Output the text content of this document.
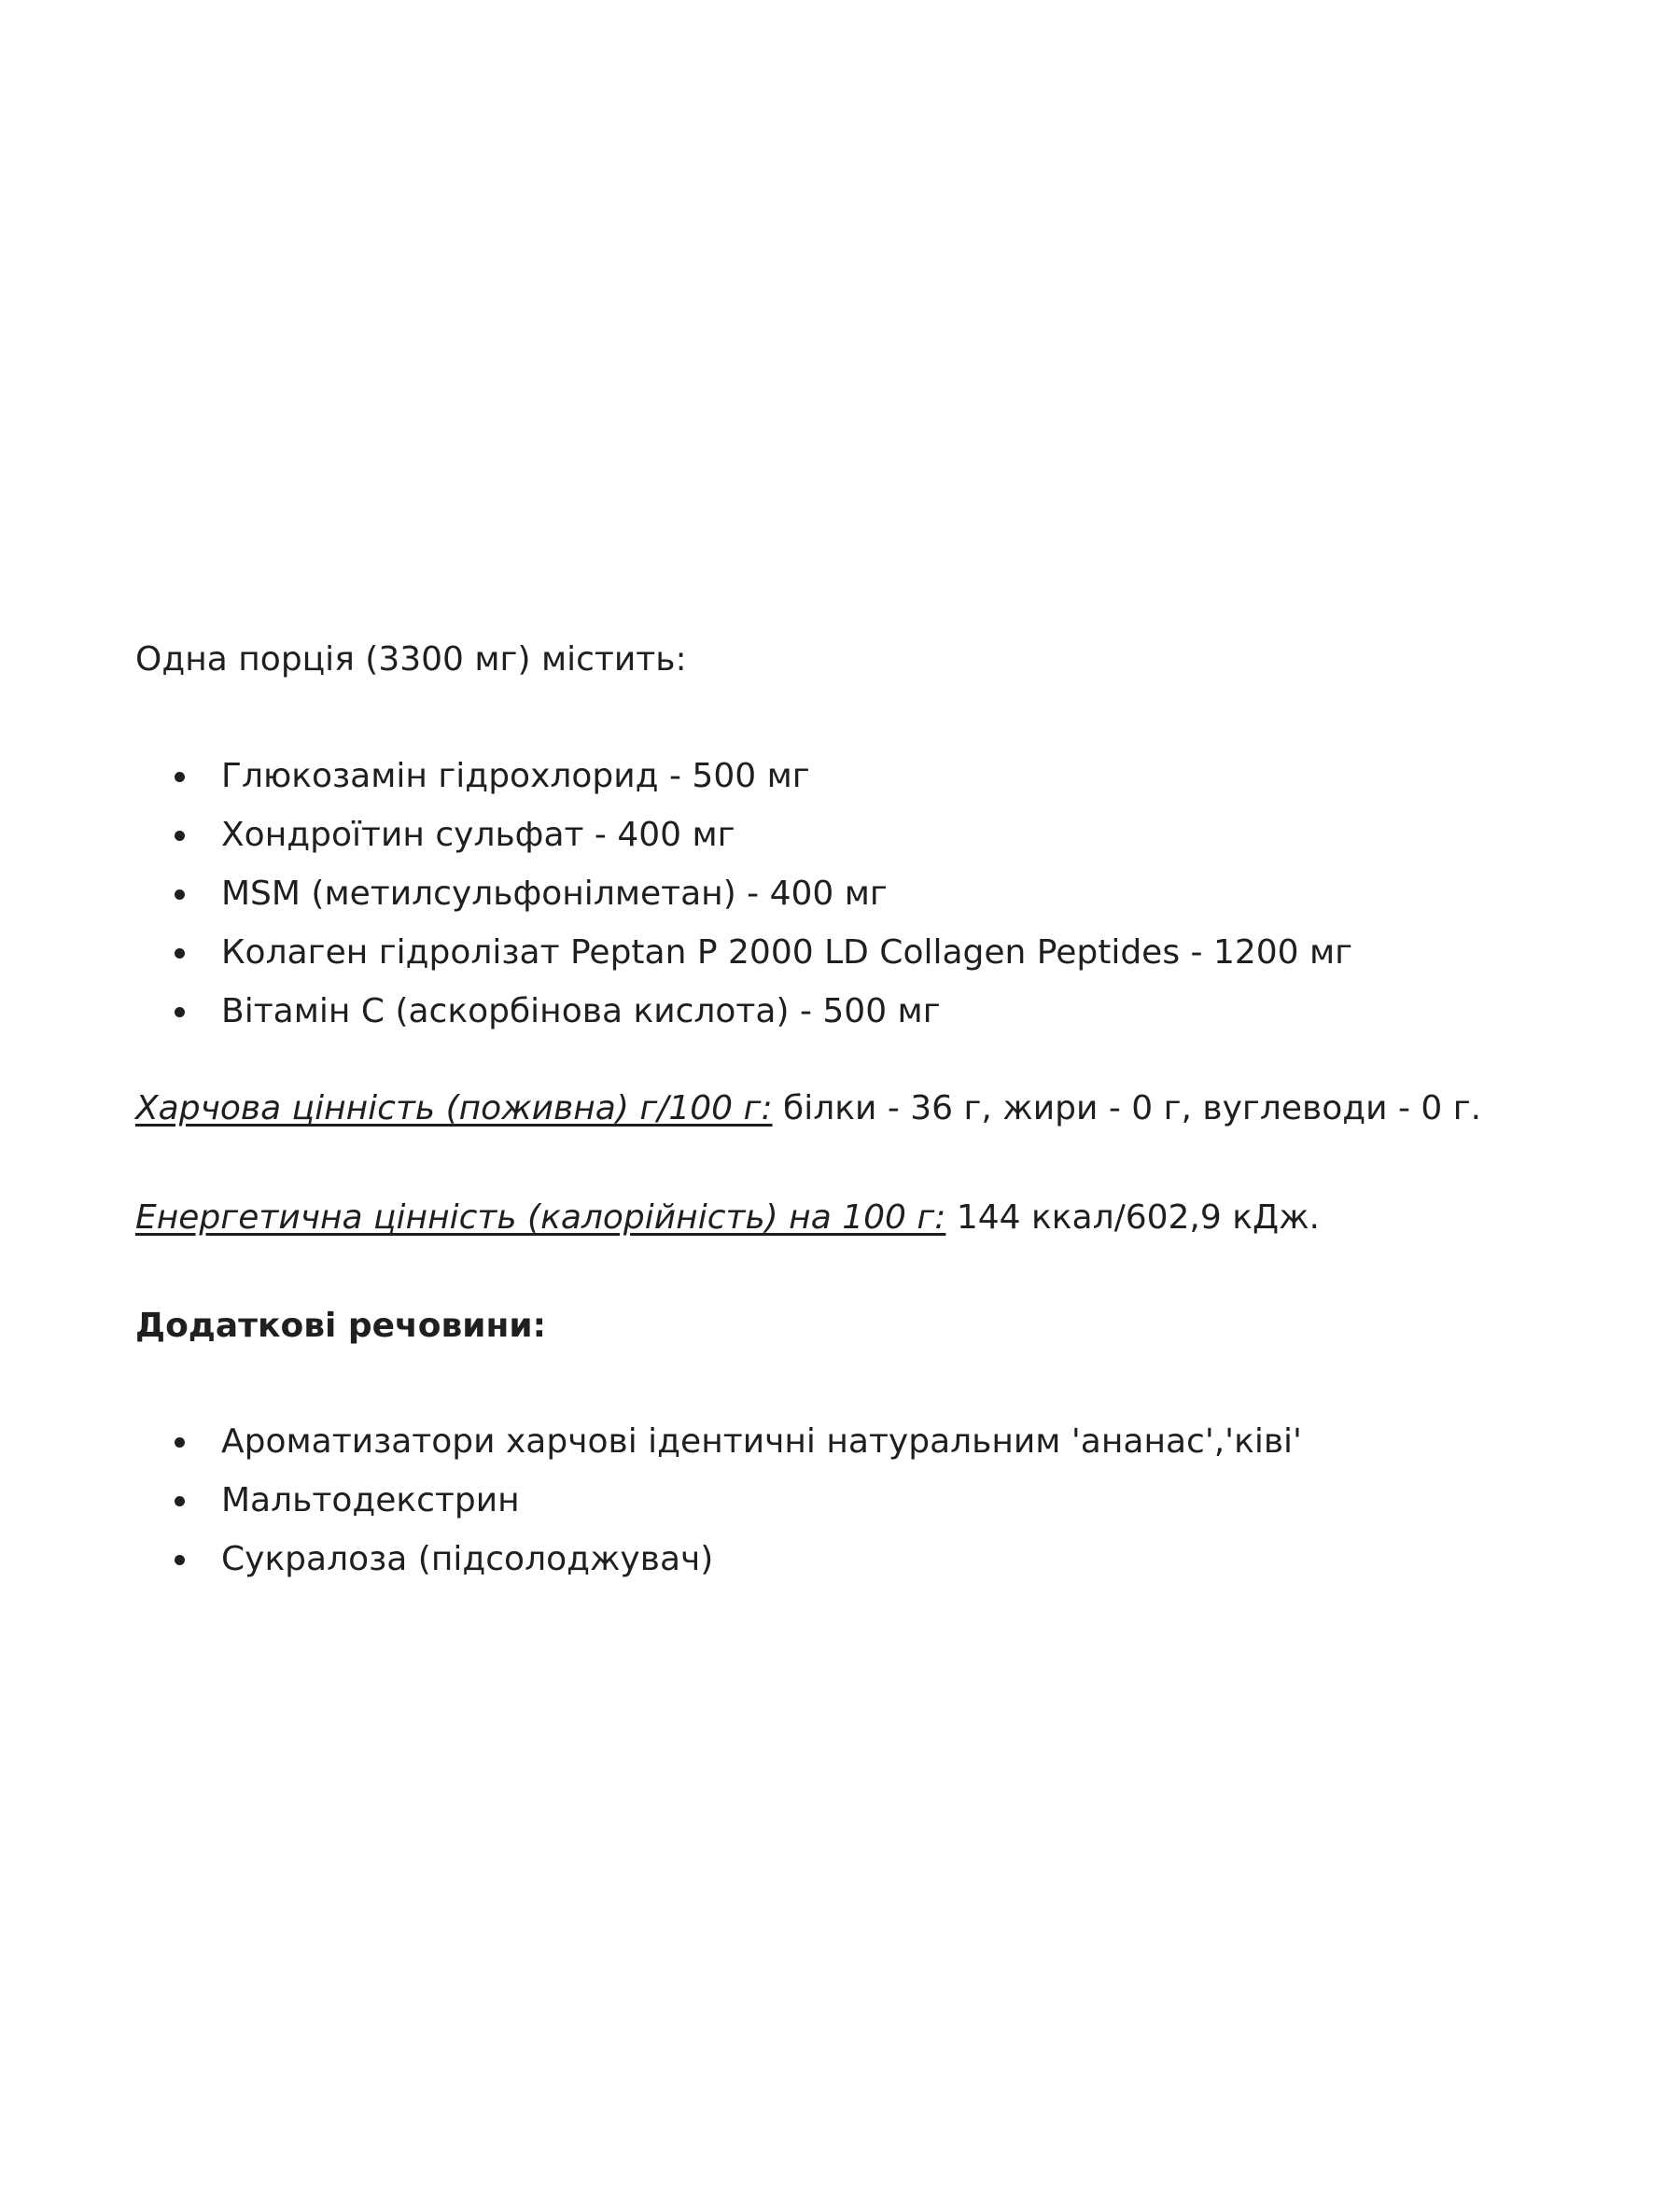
Одна порція (3300 мг) містить:

Глюкозамін гідрохлорид - 500 мг
Хондроїтин сульфат - 400 мг
MSM (метилсульфонілметан) - 400 мг
Колаген гідролізат Peptan P 2000 LD Collagen Peptides - 1200 мг
Вітамін С (аскорбінова кислота) - 500 мг

Харчова цінність (поживна) г/100 г: білки - 36 г, жири - 0 г, вуглеводи - 0 г.

Енергетична цінність (калорійність) на 100 г: 144 ккал/602,9 кДж.

Додаткові речовини:

Ароматизатори харчові ідентичні натуральним 'ананас','ківі'
Мальтодекстрин
Сукралоза (підсолоджувач)
